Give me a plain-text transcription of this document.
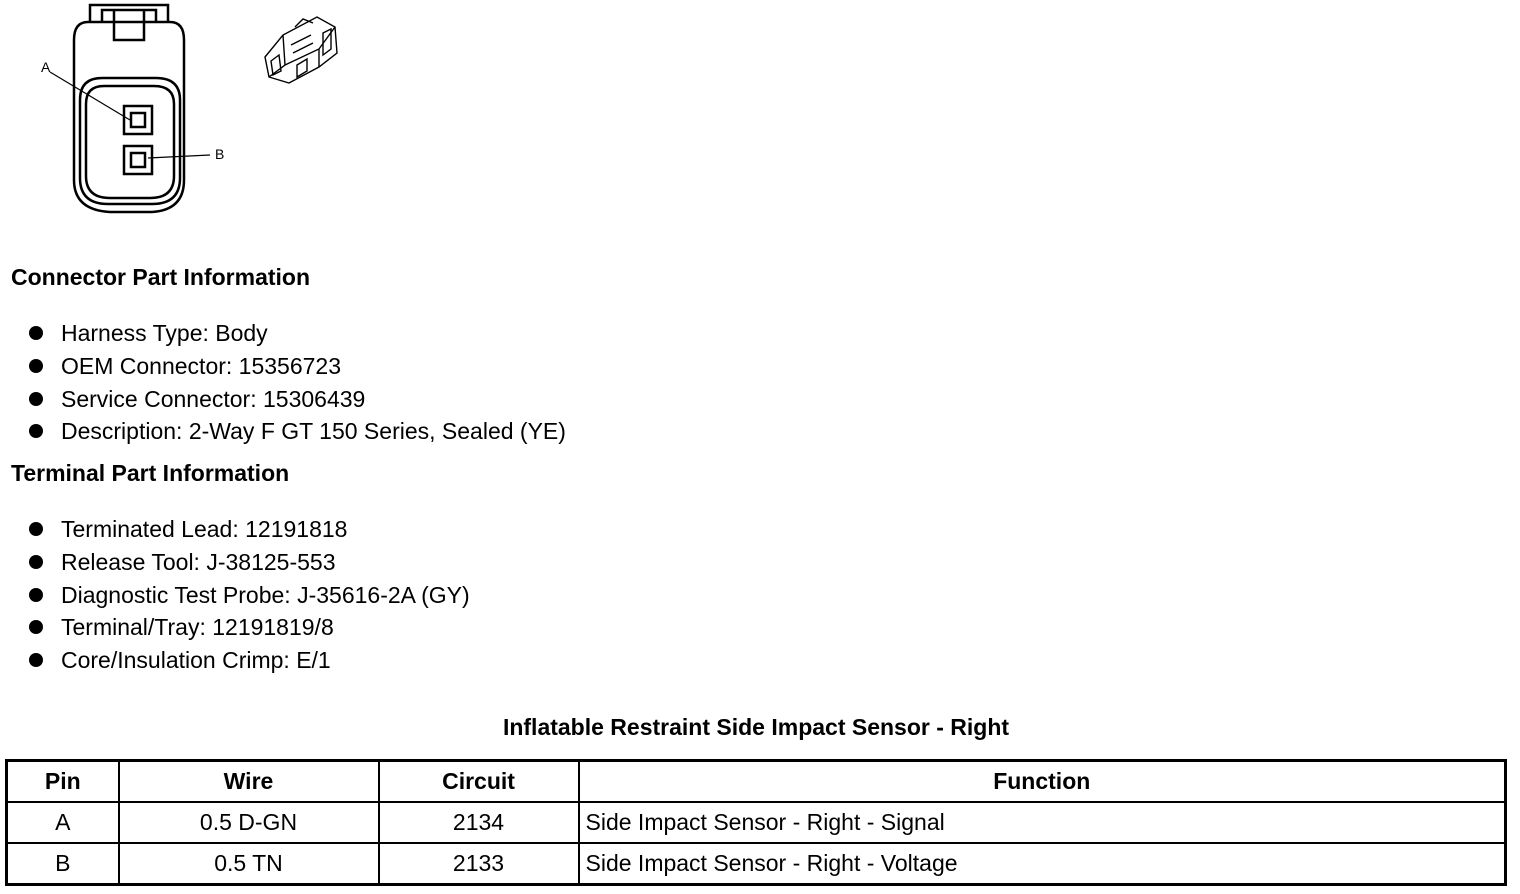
A
B
Connector Part Information
Harness Type: Body
OEM Connector: 15356723
Service Connector: 15306439
Description: 2-Way F GT 150 Series, Sealed (YE)
Terminal Part Information
Terminated Lead: 12191818
Release Tool: J-38125-553
Diagnostic Test Probe: J-35616-2A (GY)
Terminal/Tray: 12191819/8
Core/Insulation Crimp: E/1
Inflatable Restraint Side Impact Sensor - Right
Pin	Wire	Circuit	Function
A	0.5 D-GN	2134	Side Impact Sensor - Right - Signal
B	0.5 TN	2133	Side Impact Sensor - Right - Voltage
